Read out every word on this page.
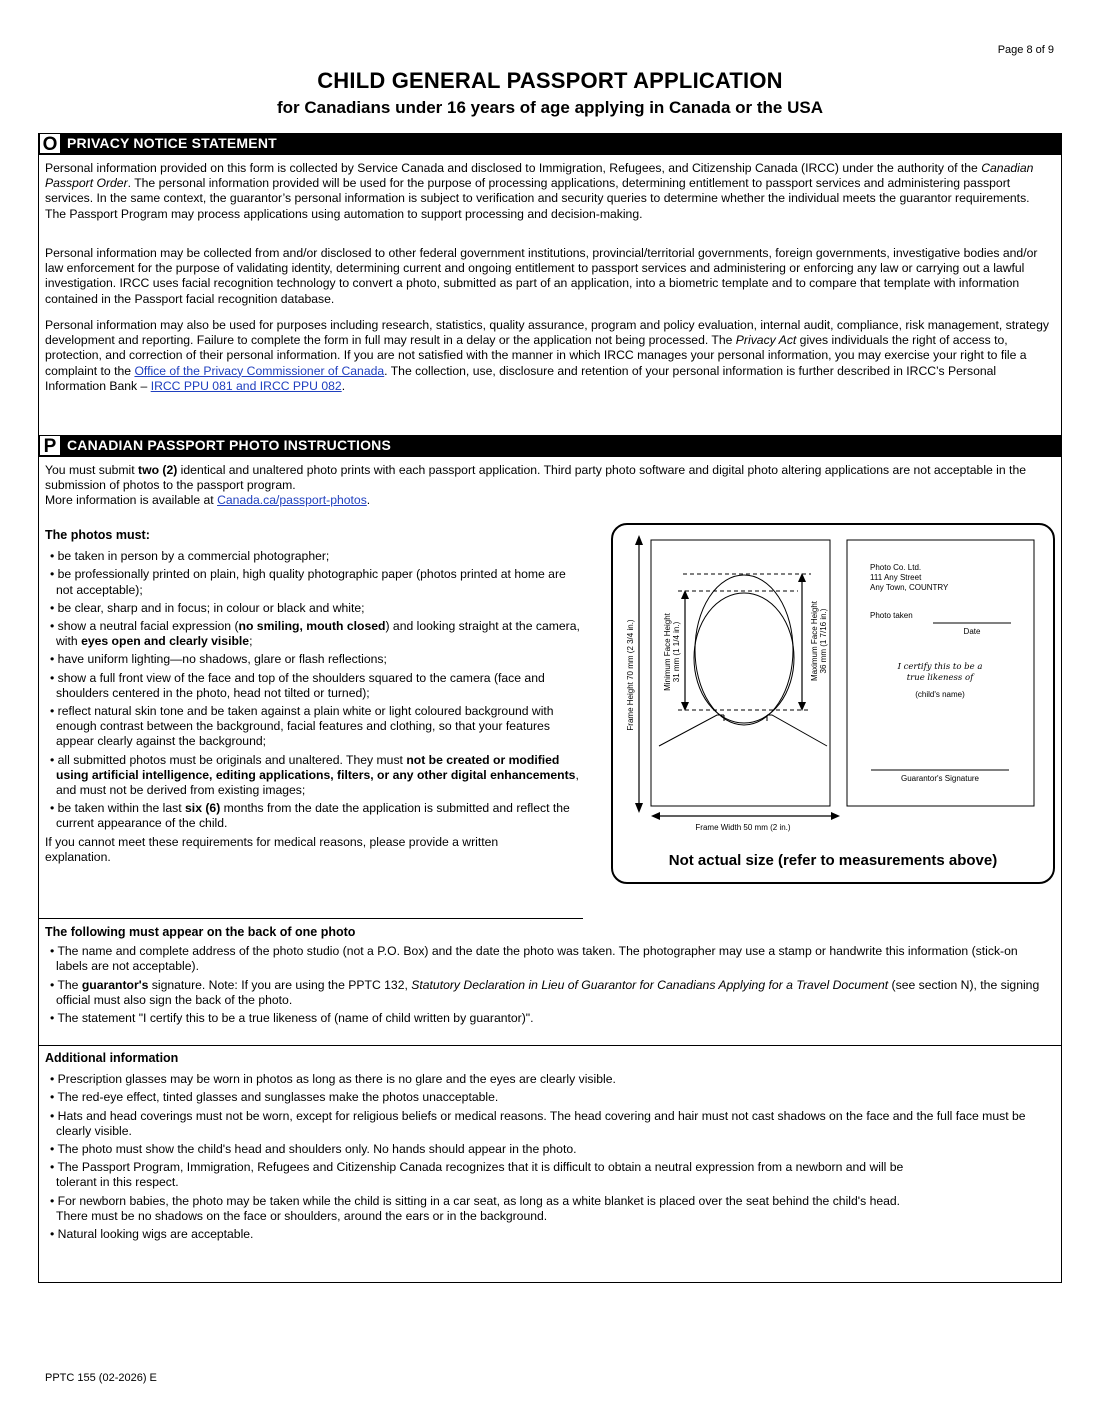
Page 8 of 9
CHILD GENERAL PASSPORT APPLICATION
for Canadians under 16 years of age applying in Canada or the USA
O PRIVACY NOTICE STATEMENT
Personal information provided on this form is collected by Service Canada and disclosed to Immigration, Refugees, and Citizenship Canada (IRCC) under the authority of the Canadian Passport Order. The personal information provided will be used for the purpose of processing applications, determining entitlement to passport services and administering passport services. In the same context, the guarantor’s personal information is subject to verification and security queries to determine whether the individual meets the guarantor requirements. The Passport Program may process applications using automation to support processing and decision-making.
Personal information may be collected from and/or disclosed to other federal government institutions, provincial/territorial governments, foreign governments, investigative bodies and/or law enforcement for the purpose of validating identity, determining current and ongoing entitlement to passport services and administering or enforcing any law or carrying out a lawful investigation. IRCC uses facial recognition technology to convert a photo, submitted as part of an application, into a biometric template and to compare that template with information contained in the Passport facial recognition database.
Personal information may also be used for purposes including research, statistics, quality assurance, program and policy evaluation, internal audit, compliance, risk management, strategy development and reporting. Failure to complete the form in full may result in a delay or the application not being processed. The Privacy Act gives individuals the right of access to, protection, and correction of their personal information. If you are not satisfied with the manner in which IRCC manages your personal information, you may exercise your right to file a complaint to the Office of the Privacy Commissioner of Canada. The collection, use, disclosure and retention of your personal information is further described in IRCC’s Personal Information Bank – IRCC PPU 081 and IRCC PPU 082.
P CANADIAN PASSPORT PHOTO INSTRUCTIONS
You must submit two (2) identical and unaltered photo prints with each passport application. Third party photo software and digital photo altering applications are not acceptable in the submission of photos to the passport program.
More information is available at Canada.ca/passport-photos.
The photos must:

• be taken in person by a commercial photographer;

• be professionally printed on plain, high quality photographic paper (photos printed at home are not acceptable);

• be clear, sharp and in focus; in colour or black and white;

• show a neutral facial expression (no smiling, mouth closed) and looking straight at the camera, with eyes open and clearly visible;

• have uniform lighting—no shadows, glare or flash reflections;

• show a full front view of the face and top of the shoulders squared to the camera (face and shoulders centered in the photo, head not tilted or turned);

• reflect natural skin tone and be taken against a plain white or light coloured background with enough contrast between the background, facial features and clothing, so that your features appear clearly against the background;

• all submitted photos must be originals and unaltered. They must not be created or modified using artificial intelligence, editing applications, filters, or any other digital enhancements, and must not be derived from existing images;

• be taken within the last six (6) months from the date the application is submitted and reflect the current appearance of the child.

If you cannot meet these requirements for medical reasons, please provide a written explanation.

Frame Height 70 mm (2 3/4 in.)	Minimum Face Height 31 mm (1 1/4 in.)	Maximum Face Height 36 mm (1 7/16 in.)
Frame Width 50 mm (2 in.)
Photo Co. Ltd.
111 Any Street
Any Town, COUNTRY
Photo taken
Date
I certify this to be a
true likeness of
(child's name)
Guarantor's Signature
Not actual size (refer to measurements above)
The following must appear on the back of one photo

• The name and complete address of the photo studio (not a P.O. Box) and the date the photo was taken. The photographer may use a stamp or handwrite this information (stick-on labels are not acceptable).

• The guarantor's signature. Note: If you are using the PPTC 132, Statutory Declaration in Lieu of Guarantor for Canadians Applying for a Travel Document (see section N), the signing official must also sign the back of the photo.

• The statement "I certify this to be a true likeness of (name of child written by guarantor)".

Additional information

• Prescription glasses may be worn in photos as long as there is no glare and the eyes are clearly visible.

• The red-eye effect, tinted glasses and sunglasses make the photos unacceptable.

• Hats and head coverings must not be worn, except for religious beliefs or medical reasons. The head covering and hair must not cast shadows on the face and the full face must be clearly visible.

• The photo must show the child's head and shoulders only. No hands should appear in the photo.

• The Passport Program, Immigration, Refugees and Citizenship Canada recognizes that it is difficult to obtain a neutral expression from a newborn and will be tolerant in this respect.

• For newborn babies, the photo may be taken while the child is sitting in a car seat, as long as a white blanket is placed over the seat behind the child's head. There must be no shadows on the face or shoulders, around the ears or in the background.

• Natural looking wigs are acceptable.

PPTC 155 (02-2026) E
